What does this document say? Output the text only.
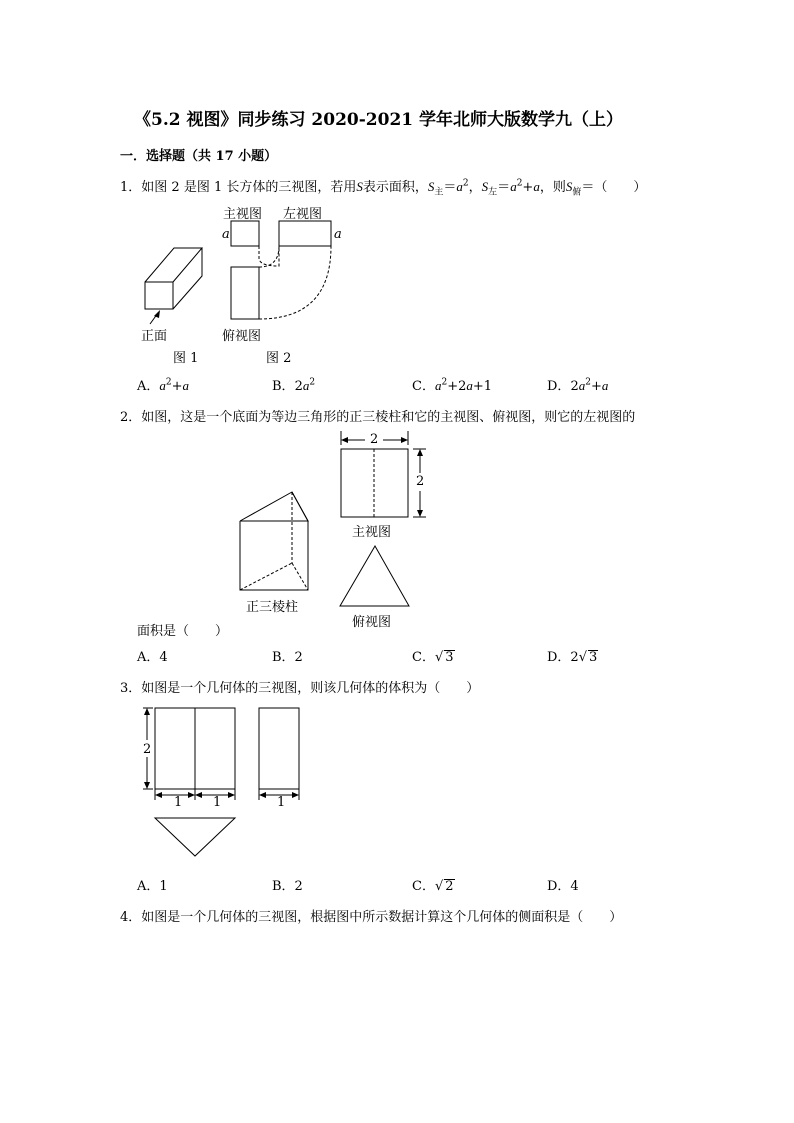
《5.2 视图》同步练习 2020-2021 学年北师大版数学九（上）
一．选择题（共 17 小题）
1．如图 2 是图 1 长方体的三视图，若用S表示面积，$S_主=a^2$，$S_左=a^2+a$，则$S_俯=$（　　）
主视图 左视图
a	a
正面	俯视图
图 1	图 2
A．$a^2+a$	B．$2a^2$	C．$a^2+2a+1$	D．$2a^2+a$
2．如图，这是一个底面为等边三角形的正三棱柱和它的主视图、俯视图，则它的左视图的
2
2
主视图
正三棱柱
俯视图
面积是（　　）
A．4	B．2	C．√ 3	D．2√ 3
3．如图是一个几何体的三视图，则该几何体的体积为（　　）
2
1 1	1
A．1	B．2	C．√ 2	D．4
4．如图是一个几何体的三视图，根据图中所示数据计算这个几何体的侧面积是（　　）
